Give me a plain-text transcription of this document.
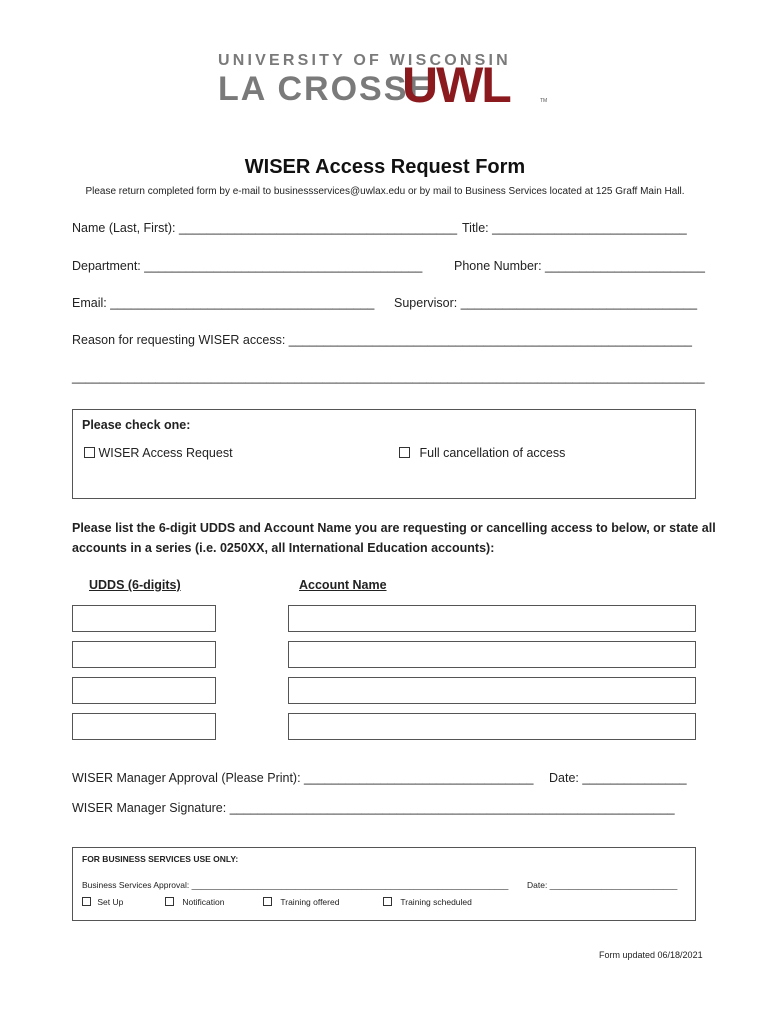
UNIVERSITY OF WISCONSIN
LA CROSSE
UWL	TM
WISER Access Request Form
Please return completed form by e-mail to businessservices@uwlax.edu or by mail to Business Services located at 125 Graff Main Hall.
Name (Last, First): ________________________________________ Title: ____________________________
Department: ________________________________________	Phone Number: _______________________
Email: ______________________________________ Supervisor: __________________________________
Reason for requesting WISER access: __________________________________________________________
___________________________________________________________________________________________
Please check one:
WISER Access Request	Full cancellation of access
Please list the 6-digit UDDS and Account Name you are requesting or cancelling access to below, or state all
accounts in a series (i.e. 0250XX, all International Education accounts):
UDDS (6-digits)	Account Name
WISER Manager Approval (Please Print): _________________________________ Date: _______________
WISER Manager Signature: ________________________________________________________________
FOR BUSINESS SERVICES USE ONLY:
Business Services Approval: ___________________________________________________________________ Date: ___________________________
Set Up	Notification	Training offered	Training scheduled
Form updated 06/18/2021
